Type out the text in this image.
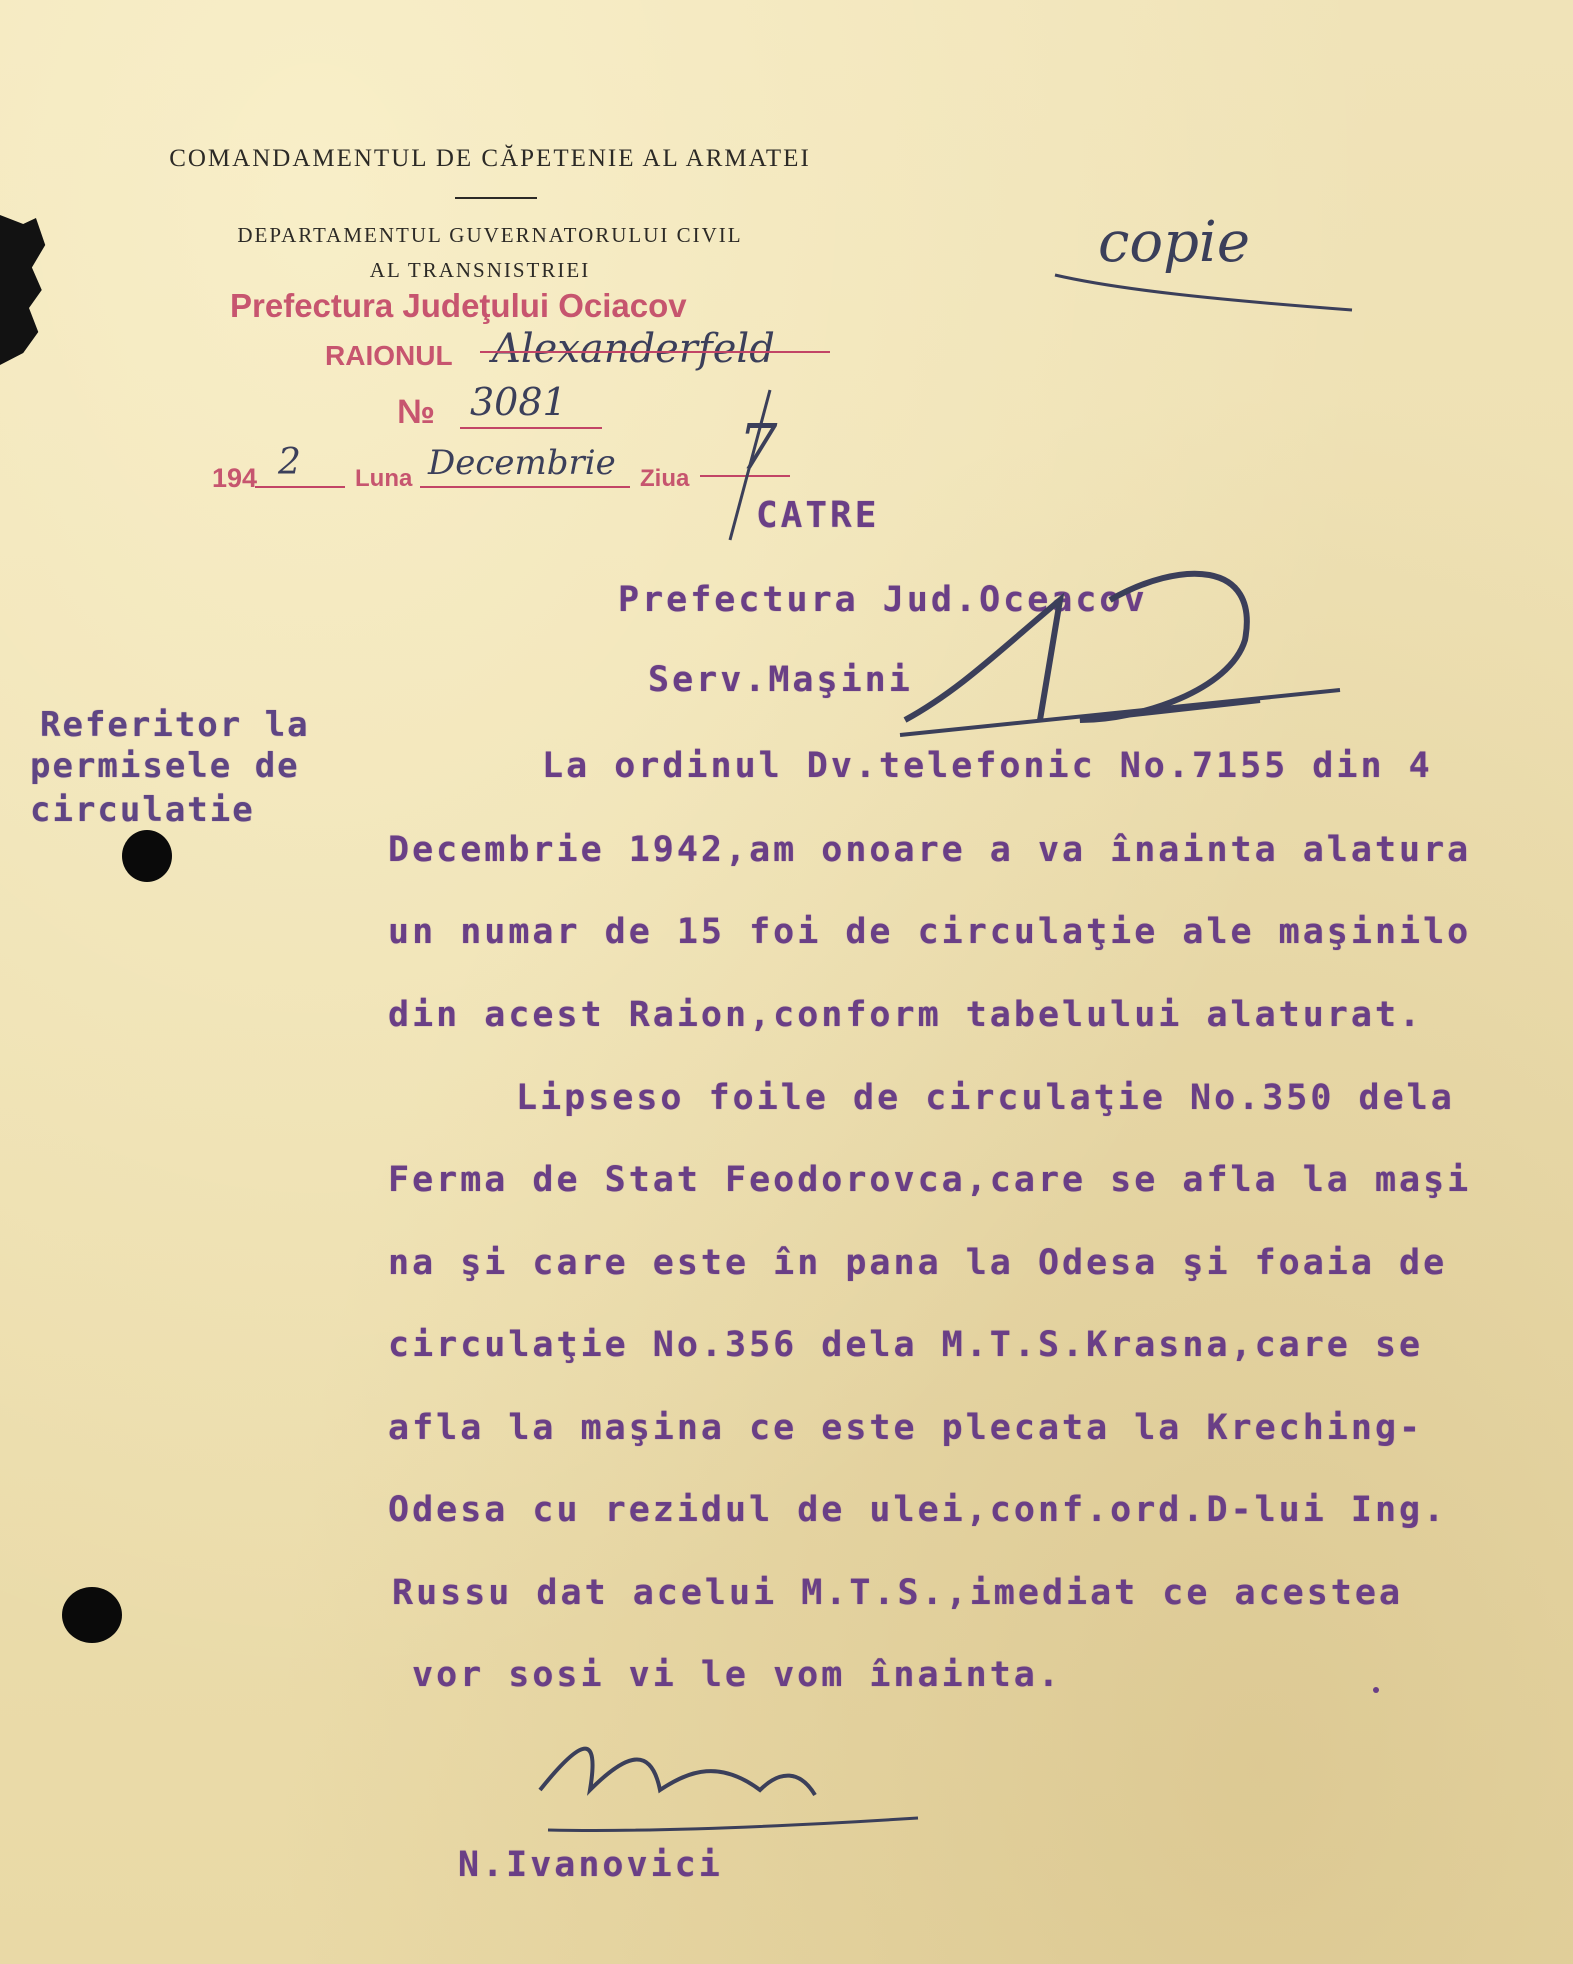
COMANDAMENTUL DE CĂPETENIE AL ARMATEI
DEPARTAMENTUL GUVERNATORULUI CIVIL
AL TRANSNISTRIEI
Prefectura Judeţului Ociacov
RAIONUL Alexanderfeld
№ 3081
194 2 Luna Decembrie Ziua 7
copie
CATRE
Prefectura Jud.Oceacov
Serv.Maşini
Referitor la
permisele de
circulatie
La ordinul Dv.telefonic No.7155 din 4
Decembrie 1942,am onoare a va înainta alatura
un numar de 15 foi de circulaţie ale maşinilo
din acest Raion,conform tabelului alaturat.
Lipseso foile de circulaţie No.350 dela
Ferma de Stat Feodorovca,care se afla la maşi
na şi care este în pana la Odesa şi foaia de
circulaţie No.356 dela M.T.S.Krasna,care se
afla la maşina ce este plecata la Kreching-
Odesa cu rezidul de ulei,conf.ord.D-lui Ing.
Russu dat acelui M.T.S.,imediat ce acestea
vor sosi vi le vom înainta.
N.Ivanovici
